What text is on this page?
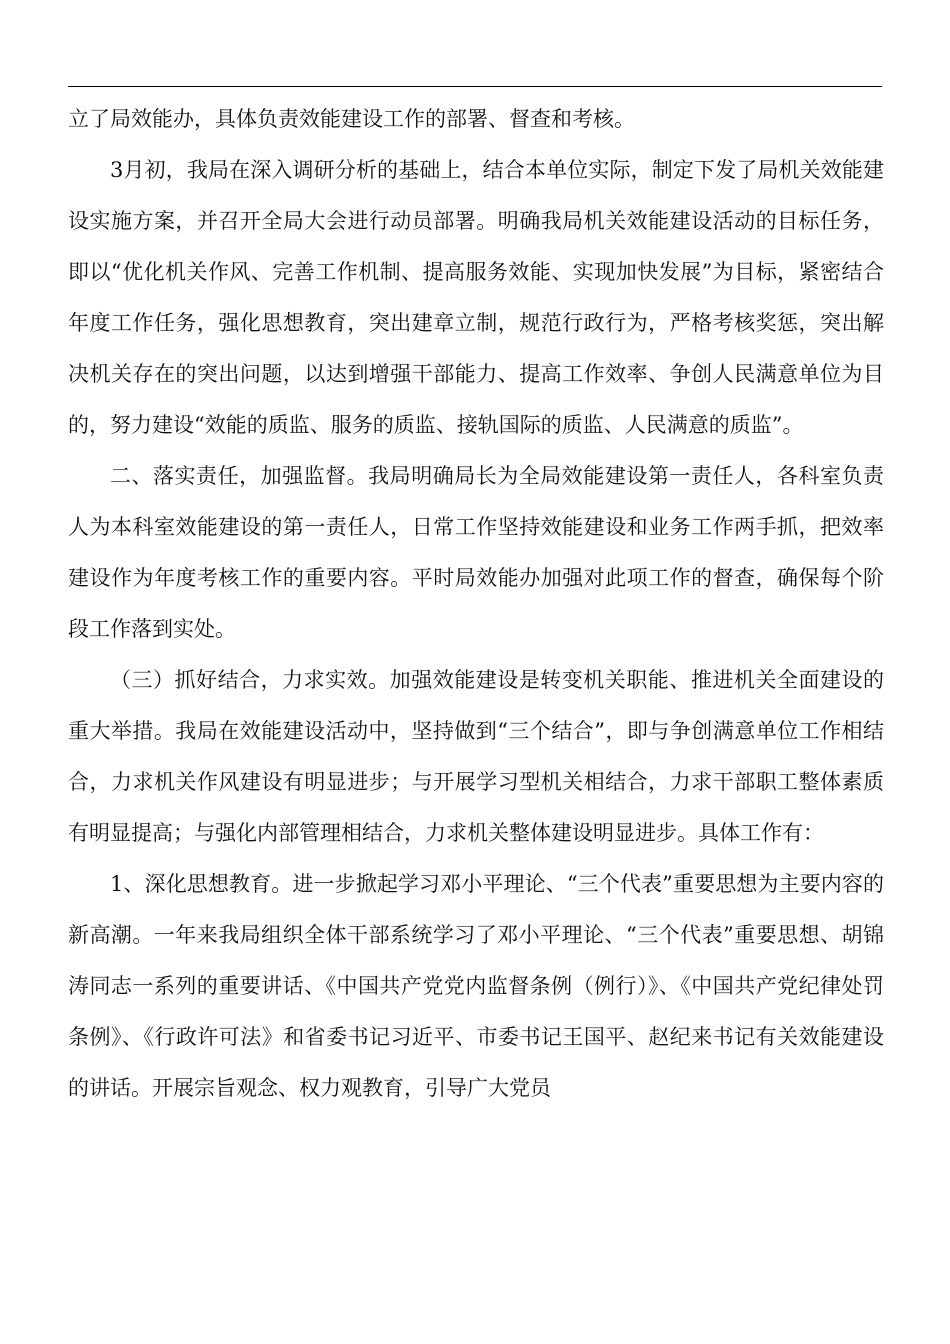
立了局效能办，具体负责效能建设工作的部署、督查和考核。

3月初，我局在深入调研分析的基础上，结合本单位实际，制定下发了局机关效能建设实施方案，并召开全局大会进行动员部署。明确我局机关效能建设活动的目标任务，即以“优化机关作风、完善工作机制、提高服务效能、实现加快发展”为目标，紧密结合年度工作任务，强化思想教育，突出建章立制，规范行政行为，严格考核奖惩，突出解决机关存在的突出问题，以达到增强干部能力、提高工作效率、争创人民满意单位为目的，努力建设“效能的质监、服务的质监、接轨国际的质监、人民满意的质监”。

二、落实责任，加强监督。我局明确局长为全局效能建设第一责任人，各科室负责人为本科室效能建设的第一责任人，日常工作坚持效能建设和业务工作两手抓，把效率建设作为年度考核工作的重要内容。平时局效能办加强对此项工作的督查，确保每个阶段工作落到实处。

（三）抓好结合，力求实效。加强效能建设是转变机关职能、推进机关全面建设的重大举措。我局在效能建设活动中，坚持做到“三个结合”，即与争创满意单位工作相结合，力求机关作风建设有明显进步；与开展学习型机关相结合，力求干部职工整体素质有明显提高；与强化内部管理相结合，力求机关整体建设明显进步。具体工作有：

1、深化思想教育。进一步掀起学习邓小平理论、“三个代表”重要思想为主要内容的新高潮。一年来我局组织全体干部系统学习了邓小平理论、“三个代表”重要思想、胡锦涛同志一系列的重要讲话、《中国共产党党内监督条例（例行）》、《中国共产党纪律处罚条例》、《行政许可法》和省委书记习近平、市委书记王国平、赵纪来书记有关效能建设的讲话。开展宗旨观念、权力观教育，引导广大党员
